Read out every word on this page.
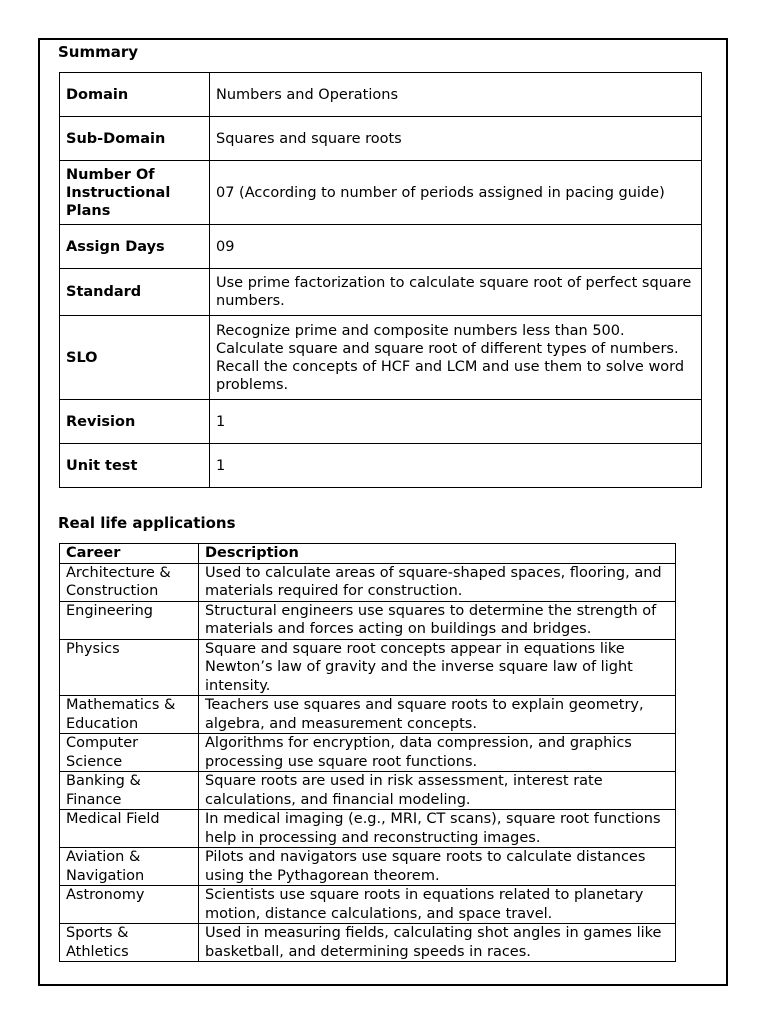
Summary
Domain	Numbers and Operations
Sub-Domain	Squares and square roots
Number Of Instructional Plans	07 (According to number of periods assigned in pacing guide)
Assign Days	09
Standard	Use prime factorization to calculate square root of perfect square numbers.
SLO	Recognize prime and composite numbers less than 500. Calculate square and square root of different types of numbers. Recall the concepts of HCF and LCM and use them to solve word problems.
Revision	1
Unit test	1
Real life applications
Career	Description
Architecture & Construction	Used to calculate areas of square-shaped spaces, flooring, and materials required for construction.
Engineering	Structural engineers use squares to determine the strength of materials and forces acting on buildings and bridges.
Physics	Square and square root concepts appear in equations like Newton’s law of gravity and the inverse square law of light intensity.
Mathematics & Education	Teachers use squares and square roots to explain geometry, algebra, and measurement concepts.
Computer Science	Algorithms for encryption, data compression, and graphics processing use square root functions.
Banking & Finance	Square roots are used in risk assessment, interest rate calculations, and financial modeling.
Medical Field	In medical imaging (e.g., MRI, CT scans), square root functions help in processing and reconstructing images.
Aviation & Navigation	Pilots and navigators use square roots to calculate distances using the Pythagorean theorem.
Astronomy	Scientists use square roots in equations related to planetary motion, distance calculations, and space travel.
Sports & Athletics	Used in measuring fields, calculating shot angles in games like basketball, and determining speeds in races.
